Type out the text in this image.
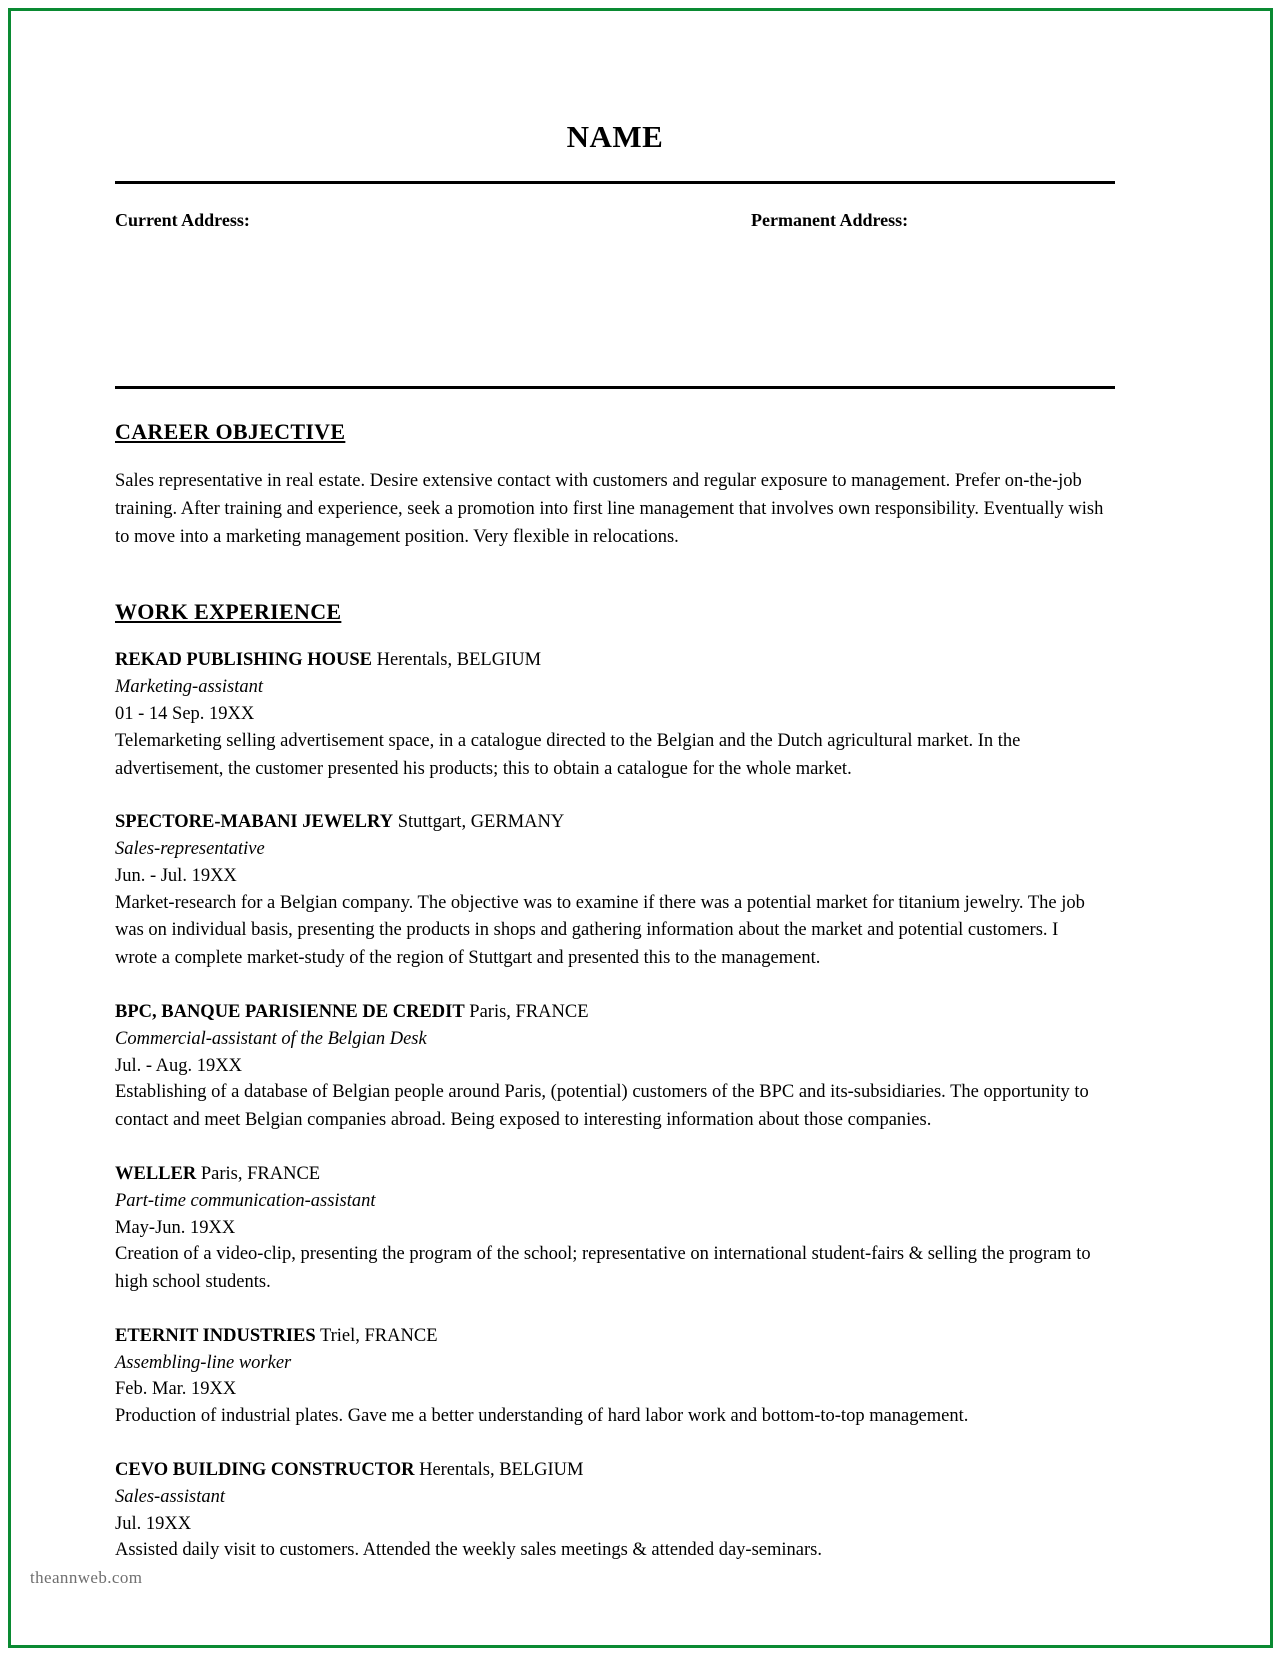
NAME
Current Address:	Permanent Address:
CAREER OBJECTIVE

Sales representative in real estate. Desire extensive contact with customers and regular exposure to management. Prefer on-the-job training. After training and experience, seek a promotion into first line management that involves own responsibility. Eventually wish to move into a marketing management position. Very flexible in relocations.

WORK EXPERIENCE

REKAD PUBLISHING HOUSE Herentals, BELGIUM

Marketing-assistant

01 - 14 Sep. 19XX

Telemarketing selling advertisement space, in a catalogue directed to the Belgian and the Dutch agricultural market. In the advertisement, the customer presented his products; this to obtain a catalogue for the whole market.

SPECTORE-MABANI JEWELRY Stuttgart, GERMANY

Sales-representative

Jun. - Jul. 19XX

Market-research for a Belgian company. The objective was to examine if there was a potential market for titanium jewelry. The job was on individual basis, presenting the products in shops and gathering information about the market and potential customers. I wrote a complete market-study of the region of Stuttgart and presented this to the management.

BPC, BANQUE PARISIENNE DE CREDIT Paris, FRANCE

Commercial-assistant of the Belgian Desk

Jul. - Aug. 19XX

Establishing of a database of Belgian people around Paris, (potential) customers of the BPC and its-subsidiaries. The opportunity to contact and meet Belgian companies abroad. Being exposed to interesting information about those companies.

WELLER Paris, FRANCE

Part-time communication-assistant

May-Jun. 19XX

Creation of a video-clip, presenting the program of the school; representative on international student-fairs & selling the program to high school students.

ETERNIT INDUSTRIES Triel, FRANCE

Assembling-line worker

Feb. Mar. 19XX

Production of industrial plates. Gave me a better understanding of hard labor work and bottom-to-top management.

CEVO BUILDING CONSTRUCTOR Herentals, BELGIUM

Sales-assistant

Jul. 19XX

Assisted daily visit to customers. Attended the weekly sales meetings & attended day-seminars.

theannweb.com
